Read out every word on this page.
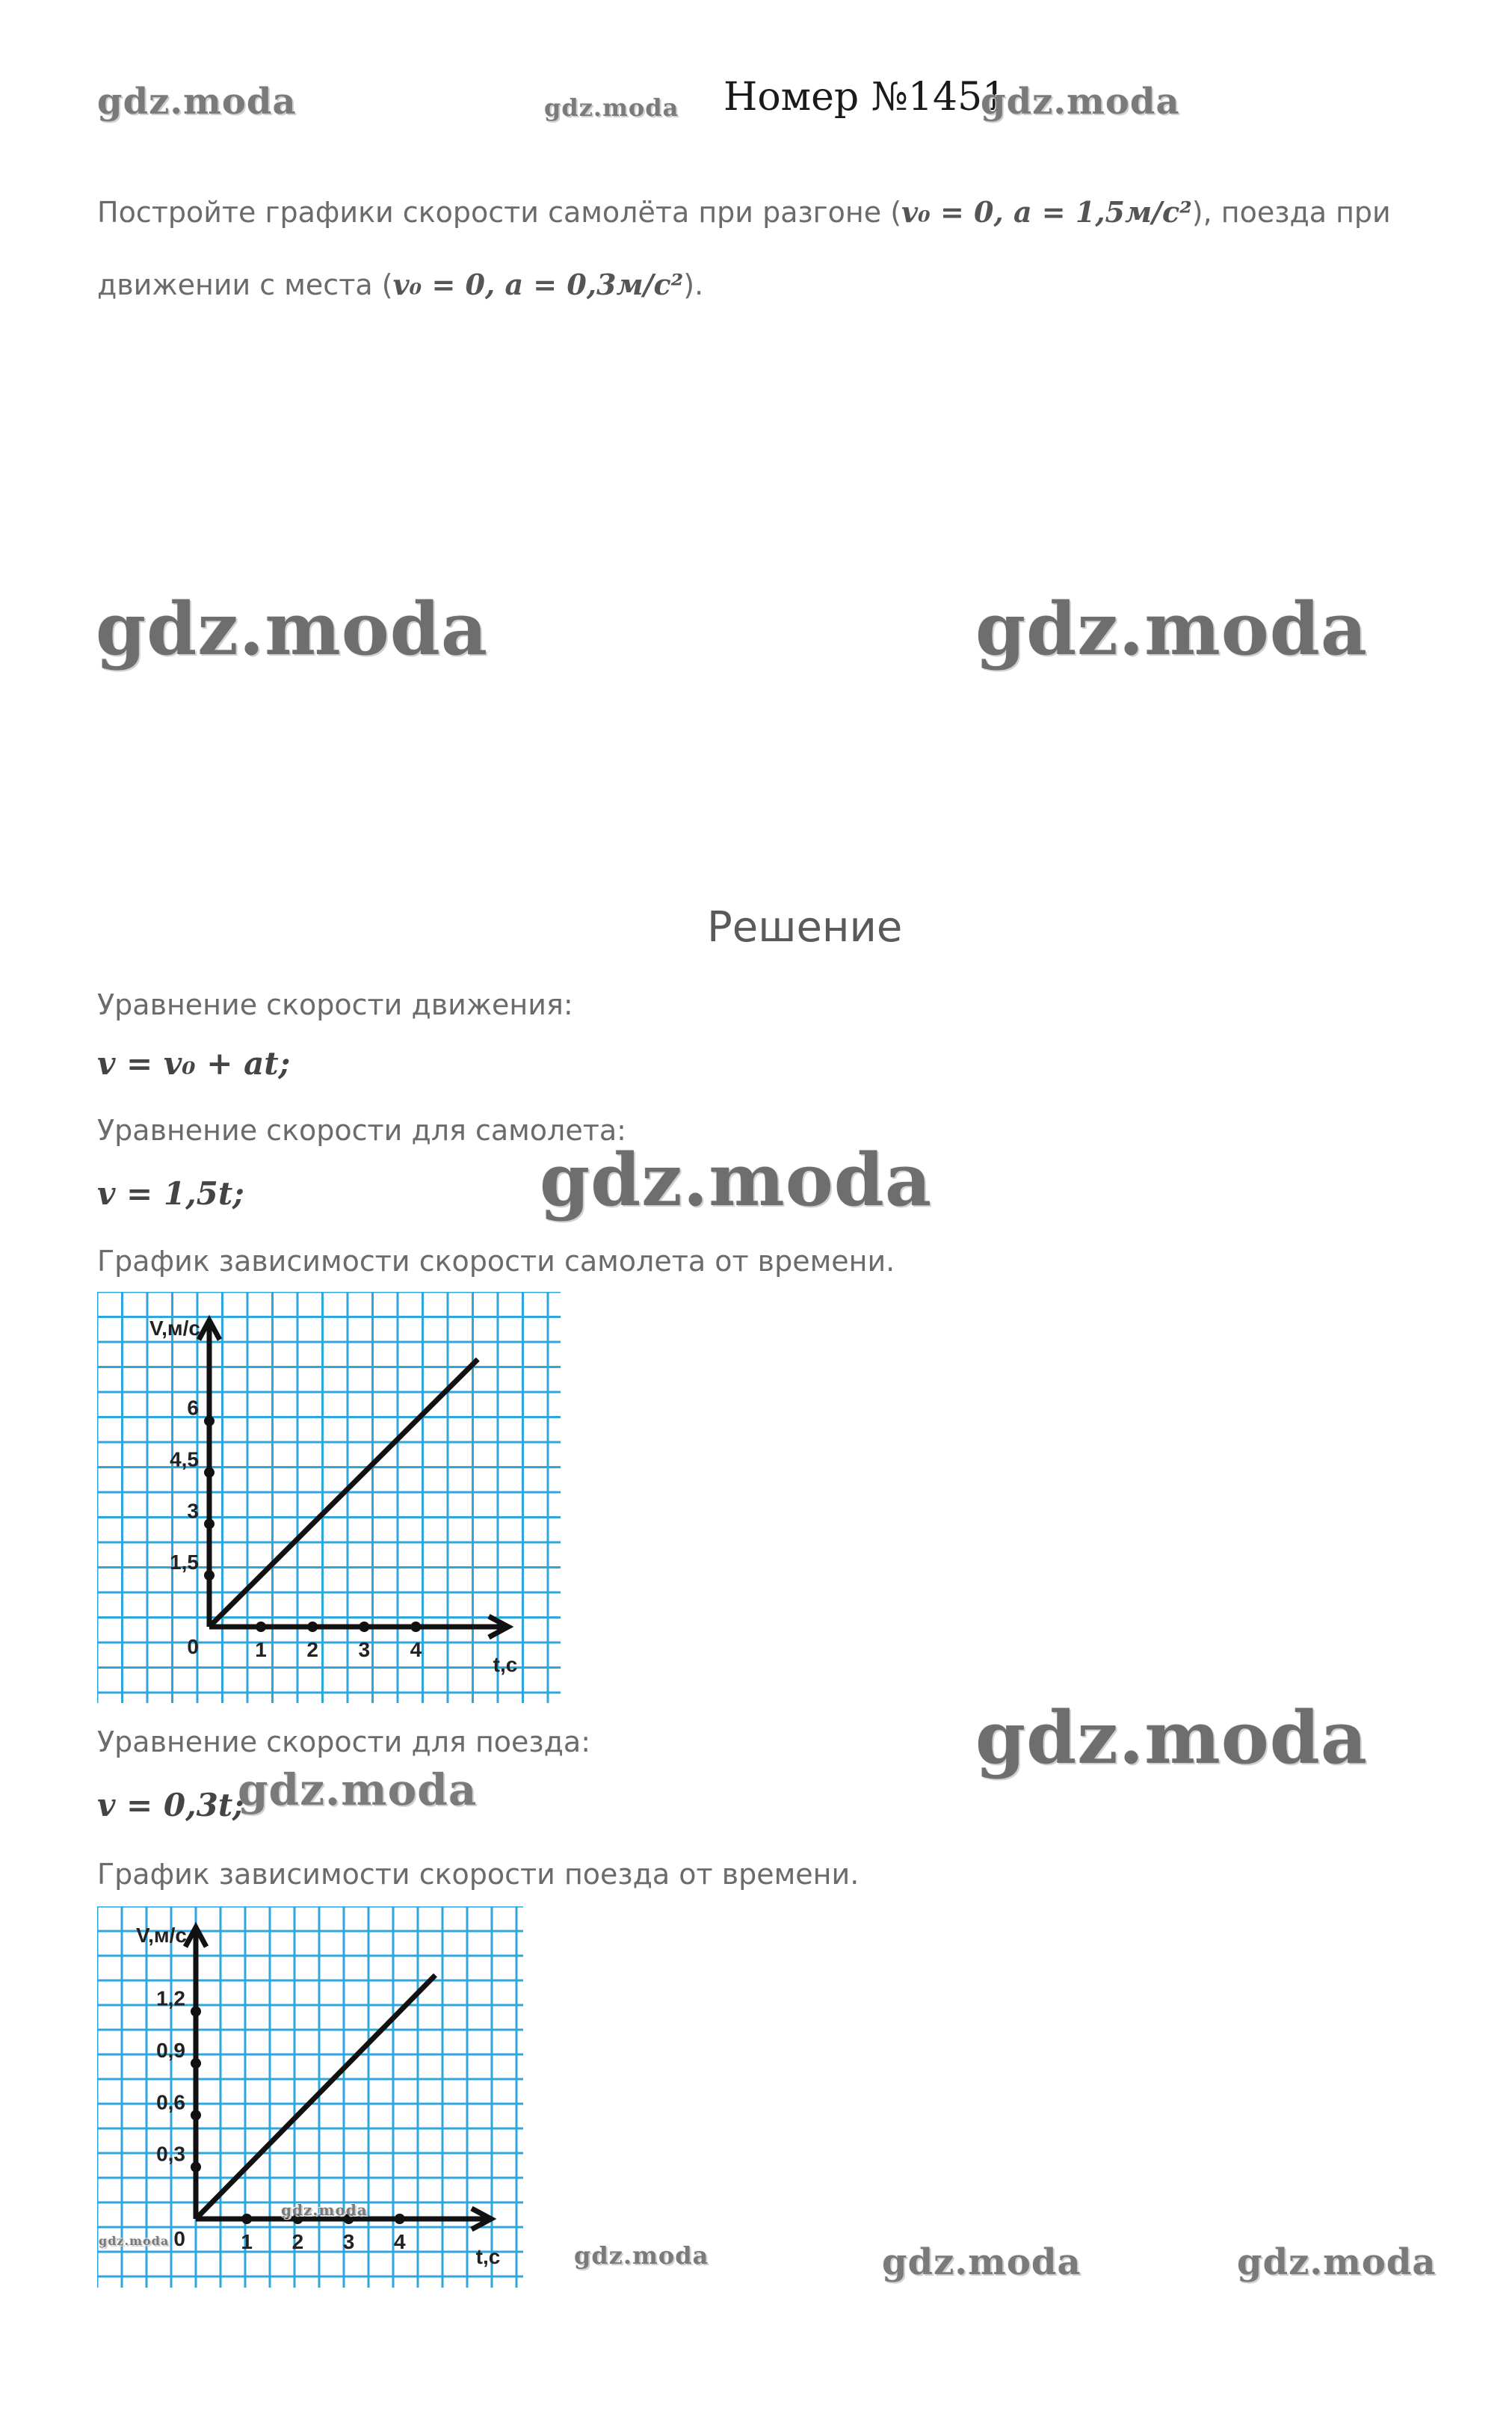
gdz.moda	gdz.moda Номер №1451
gdz.moda
Постройте графики скорости самолёта при разгоне (v₀ = 0, a = 1,5м/с²), поезда при
движении с места (v₀ = 0, a = 0,3м/с²).
gdz.moda	gdz.moda
Решение
Уравнение скорости движения:
v = v₀ + at;
Уравнение скорости для самолета:
v = 1,5t;	gdz.moda
График зависимости скорости самолета от времени.
1 2 3 4
1,5
3
4,5
6
0
V,м/с
t,c
Уравнение скорости для поезда:	gdz.moda
v = 0,3t;
gdz.moda
График зависимости скорости поезда от времени.
1 2 3 4
0,3
0,6
0,9
1,2
0
V,м/с
t,c
gdz.moda
gdz.moda
gdz.moda	gdz.moda	gdz.moda
